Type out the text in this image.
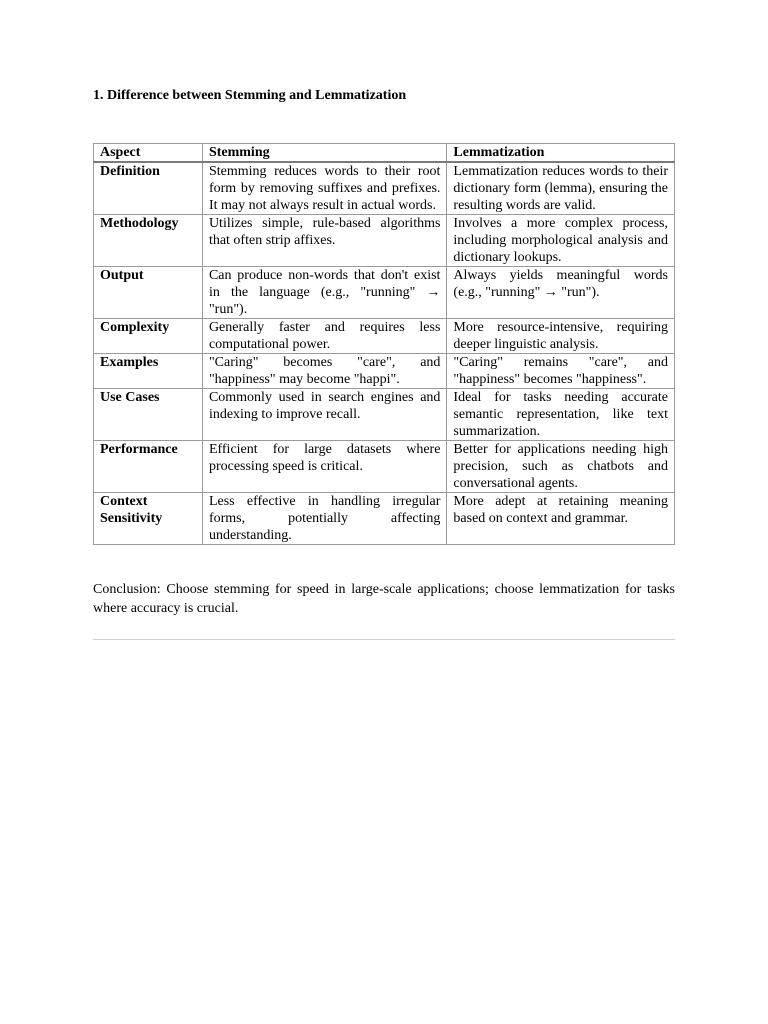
1. Difference between Stemming and Lemmatization
Aspect	Stemming	Lemmatization
Definition	Stemming reduces words to their root form by removing suffixes and prefixes. It may not always result in actual words.	Lemmatization reduces words to their dictionary form (lemma), ensuring the resulting words are valid.
Methodology	Utilizes simple, rule-based algorithms that often strip affixes.	Involves a more complex process, including morphological analysis and dictionary lookups.
Output	Can produce non-words that don't exist in the language (e.g., "running" → "run").	Always yields meaningful words (e.g., "running" → "run").
Complexity	Generally faster and requires less computational power.	More resource-intensive, requiring deeper linguistic analysis.
Examples	"Caring" becomes "care", and "happiness" may become "happi".	"Caring" remains "care", and "happiness" becomes "happiness".
Use Cases	Commonly used in search engines and indexing to improve recall.	Ideal for tasks needing accurate semantic representation, like text summarization.
Performance	Efficient for large datasets where processing speed is critical.	Better for applications needing high precision, such as chatbots and conversational agents.
Context Sensitivity	Less effective in handling irregular forms, potentially affecting understanding.	More adept at retaining meaning based on context and grammar.

Conclusion: Choose stemming for speed in large-scale applications; choose lemmatization for tasks where accuracy is crucial.
